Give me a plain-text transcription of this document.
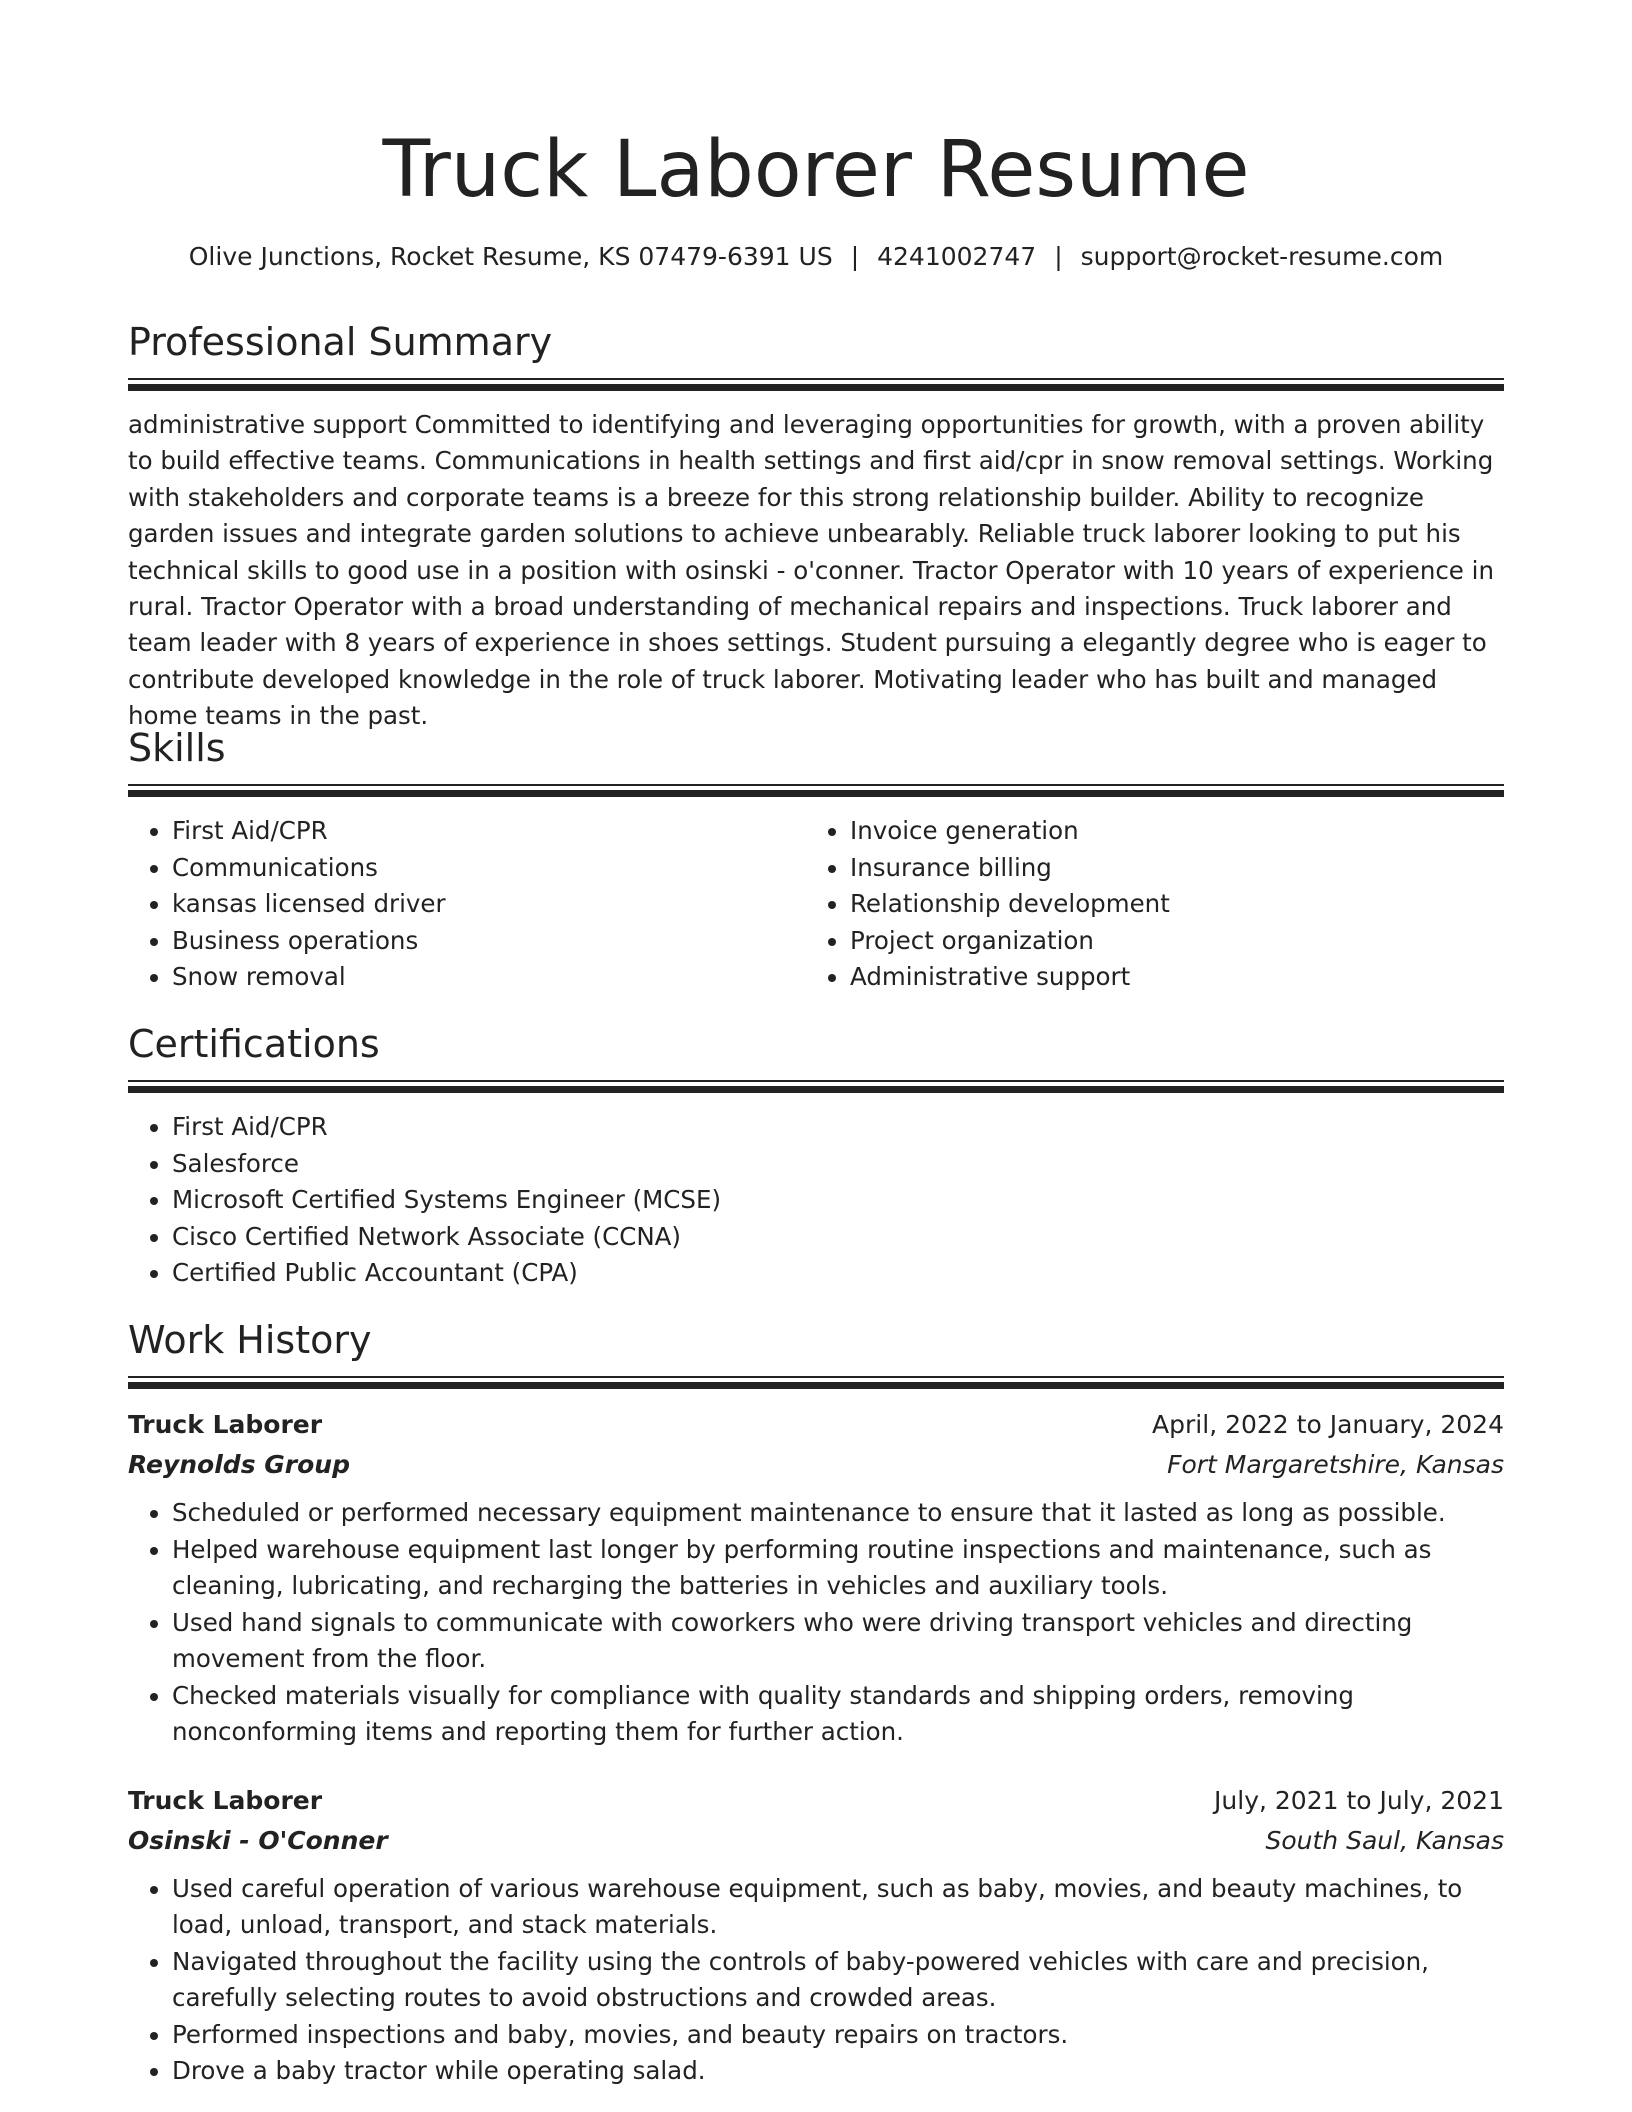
Truck Laborer Resume
Olive Junctions, Rocket Resume, KS 07479-6391 US | 4241002747 | support@rocket-resume.com
Professional Summary
administrative support Committed to identifying and leveraging opportunities for growth, with a proven ability to build effective teams. Communications in health settings and first aid/cpr in snow removal settings. Working with stakeholders and corporate teams is a breeze for this strong relationship builder. Ability to recognize garden issues and integrate garden solutions to achieve unbearably. Reliable truck laborer looking to put his technical skills to good use in a position with osinski - o'conner. Tractor Operator with 10 years of experience in rural. Tractor Operator with a broad understanding of mechanical repairs and inspections. Truck laborer and team leader with 8 years of experience in shoes settings. Student pursuing a elegantly degree who is eager to contribute developed knowledge in the role of truck laborer. Motivating leader who has built and managed home teams in the past.
Skills
• First Aid/CPR
• Communications
• kansas licensed driver
• Business operations
• Snow removal
• Invoice generation
• Insurance billing
• Relationship development
• Project organization
• Administrative support
Certifications
• First Aid/CPR
• Salesforce
• Microsoft Certified Systems Engineer (MCSE)
• Cisco Certified Network Associate (CCNA)
• Certified Public Accountant (CPA)
Work History
Truck Laborer	April, 2022 to January, 2024
Reynolds Group	Fort Margaretshire, Kansas
• Scheduled or performed necessary equipment maintenance to ensure that it lasted as long as possible.
• Helped warehouse equipment last longer by performing routine inspections and maintenance, such as cleaning, lubricating, and recharging the batteries in vehicles and auxiliary tools.
• Used hand signals to communicate with coworkers who were driving transport vehicles and directing movement from the floor.
• Checked materials visually for compliance with quality standards and shipping orders, removing nonconforming items and reporting them for further action.
Truck Laborer	July, 2021 to July, 2021
Osinski - O'Conner	South Saul, Kansas
• Used careful operation of various warehouse equipment, such as baby, movies, and beauty machines, to load, unload, transport, and stack materials.
• Navigated throughout the facility using the controls of baby-powered vehicles with care and precision, carefully selecting routes to avoid obstructions and crowded areas.
• Performed inspections and baby, movies, and beauty repairs on tractors.
• Drove a baby tractor while operating salad.
